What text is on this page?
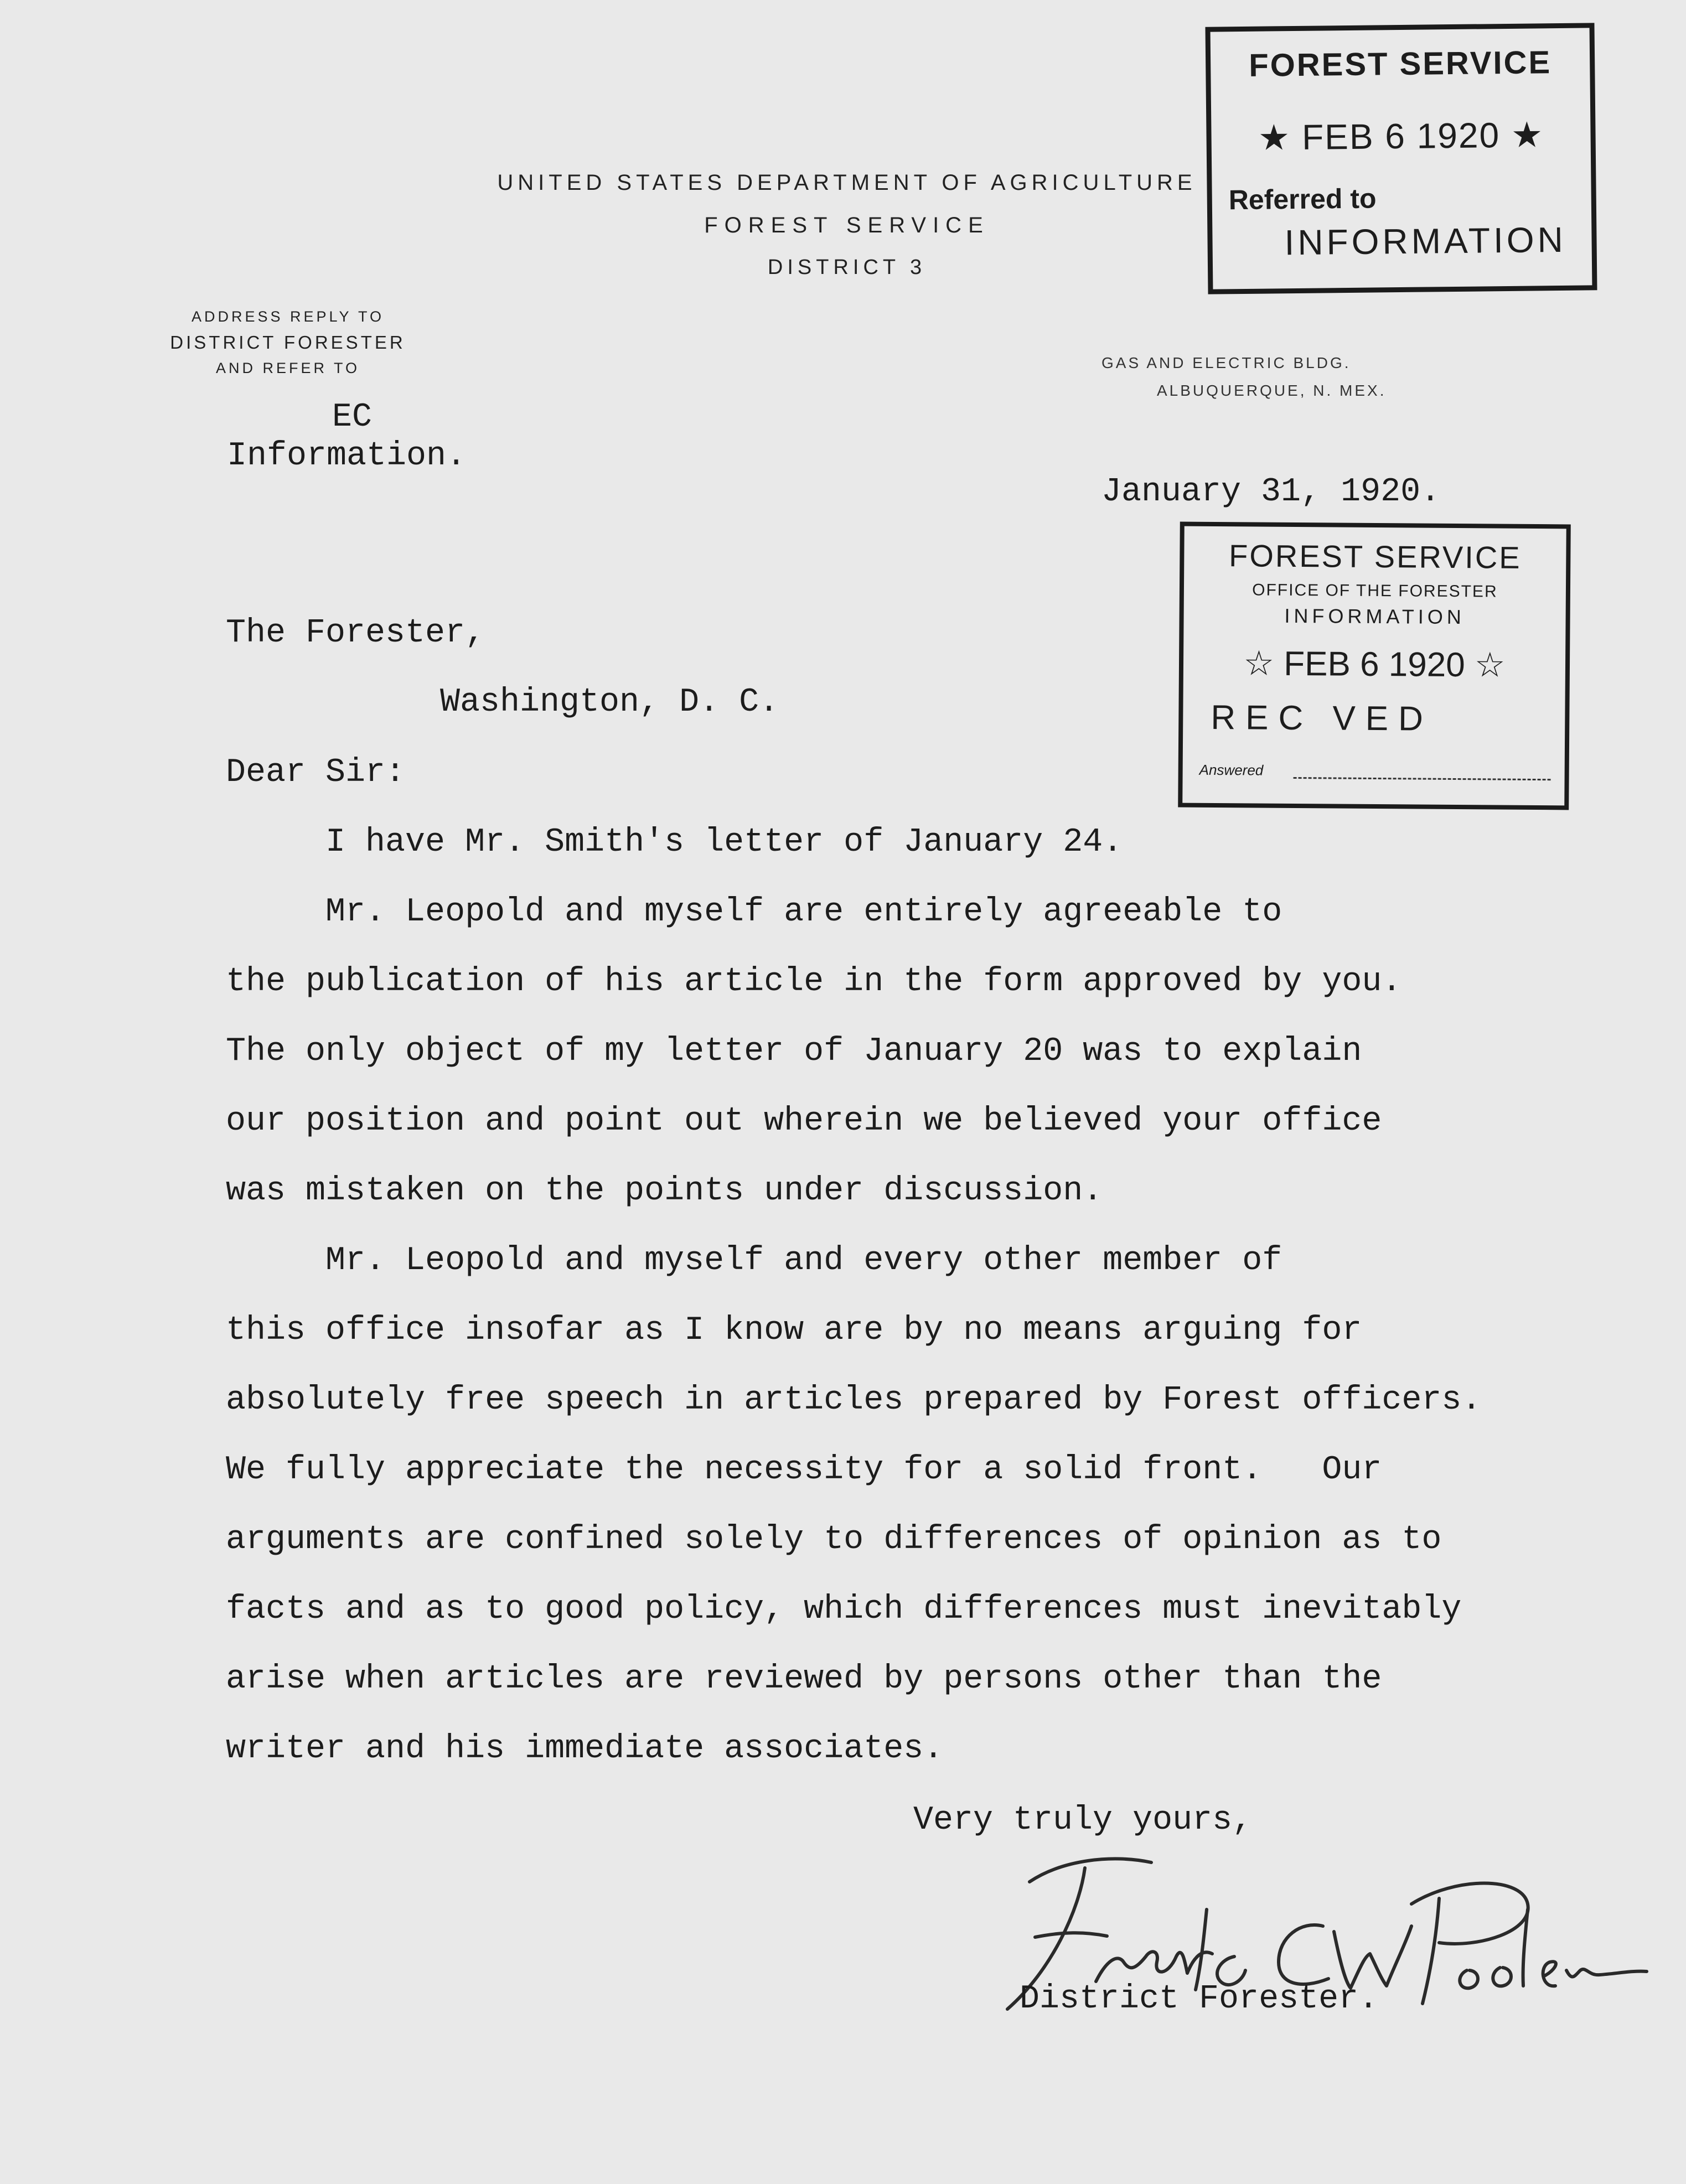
UNITED STATES DEPARTMENT OF AGRICULTURE
FOREST SERVICE
DISTRICT 3
ADDRESS REPLY TO
DISTRICT FORESTER
AND REFER TO	GAS AND ELECTRIC BLDG.
ALBUQUERQUE, N. MEX.
EC
Information.
January 31, 1920.
FOREST SERVICE
★ FEB 6 1920 ★
Referred to
INFORMATION
FOREST SERVICE
OFFICE OF THE FORESTER
INFORMATION
☆ FEB 6 1920 ☆
REC VED
Answered
The Forester,
Washington, D. C.
Dear Sir:
I have Mr. Smith's letter of January 24.
Mr. Leopold and myself are entirely agreeable to
the publication of his article in the form approved by you.
The only object of my letter of January 20 was to explain
our position and point out wherein we believed your office
was mistaken on the points under discussion.
Mr. Leopold and myself and every other member of
this office insofar as I know are by no means arguing for
absolutely free speech in articles prepared by Forest officers.
We fully appreciate the necessity for a solid front.   Our
arguments are confined solely to differences of opinion as to
facts and as to good policy, which differences must inevitably
arise when articles are reviewed by persons other than the
writer and his immediate associates.
Very truly yours,
District Forester.
